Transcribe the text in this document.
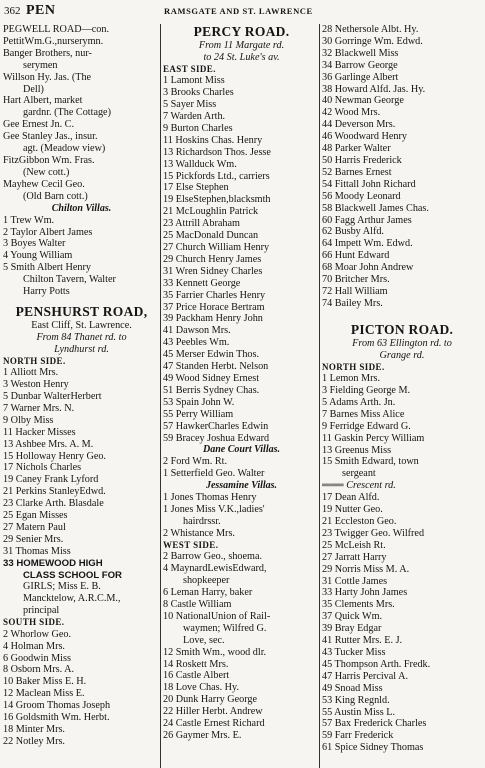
362 PEN	RAMSGATE AND ST. LAWRENCE
PEGWELL ROAD—con.
PettitWm.G.,nurserymn.
Banger Brothers, nur-
serymen
Willson Hy. Jas. (The
Dell)
Hart Albert, market
gardnr. (The Cottage)
Gee Ernest Jn. C.
Gee Stanley Jas., insur.
agt. (Meadow view)
FitzGibbon Wm. Fras.
(New cott.)
Mayhew Cecil Geo.
(Old Barn cott.)
Chilton Villas.
1 Trew Wm.
2 Taylor Albert James
3 Boyes Walter
4 Young William
5 Smith Albert Henry
Chilton Tavern, Walter
Harry Potts
PENSHURST ROAD,
East Cliff, St. Lawrence.
From 84 Thanet rd. to
Lyndhurst rd.
NORTH SIDE.
1 Alliott Mrs.
3 Weston Henry
5 Dunbar WalterHerbert
7 Warner Mrs. N.
9 Olby Miss
11 Hacker Misses
13 Ashbee Mrs. A. M.
15 Holloway Henry Geo.
17 Nichols Charles
19 Caney Frank Lyford
21 Perkins StanleyEdwd.
23 Clarke Arth. Blasdale
25 Egan Misses
27 Matern Paul
29 Senier Mrs.
31 Thomas Miss
33 HOMEWOOD HIGH
CLASS SCHOOL FOR
GIRLS; Miss E. B.
Mancktelow, A.R.C.M.,
principal
SOUTH SIDE.
2 Whorlow Geo.
4 Holman Mrs.
6 Goodwin Miss
8 Osborn Mrs. A.
10 Baker Miss E. H.
12 Maclean Miss E.
14 Groom Thomas Joseph
16 Goldsmith Wm. Herbt.
18 Minter Mrs.
22 Notley Mrs.
PERCY ROAD.
From 11 Margate rd.
to 24 St. Luke's av.
EAST SIDE.
1 Lamont Miss
3 Brooks Charles
5 Sayer Miss
7 Warden Arth.
9 Burton Charles
11 Hoskins Chas. Henry
13 Richardson Thos. Jesse
13 Wallduck Wm.
15 Pickfords Ltd., carriers
17 Else Stephen
19 ElseStephen,blacksmth
21 McLoughlin Patrick
23 Attrill Abraham
25 MacDonald Duncan
27 Church William Henry
29 Church Henry James
31 Wren Sidney Charles
33 Kennett George
35 Farrier Charles Henry
37 Price Horace Bertram
39 Packham Henry John
41 Dawson Mrs.
43 Peebles Wm.
45 Merser Edwin Thos.
47 Standen Herbt. Nelson
49 Wood Sidney Ernest
51 Berris Sydney Chas.
53 Spain John W.
55 Perry William
57 HawkerCharles Edwin
59 Bracey Joshua Edward
Dane Court Villas.
2 Ford Wm. Rt.
1 Setterfield Geo. Walter
Jessamine Villas.
1 Jones Thomas Henry
1 Jones Miss V.K.,ladies'
hairdrssr.
2 Whistance Mrs.
WEST SIDE.
2 Barrow Geo., shoema.
4 MaynardLewisEdward,
shopkeeper
6 Leman Harry, baker
8 Castle William
10 NationalUnion of Rail-
waymen; Wilfred G.
Love, sec.
12 Smith Wm., wood dlr.
14 Roskett Mrs.
16 Castle Albert
18 Love Chas. Hy.
20 Dunk Harry George
22 Hiller Herbt. Andrew
24 Castle Ernest Richard
26 Gaymer Mrs. E.
28 Nethersole Albt. Hy.
30 Gorringe Wm. Edwd.
32 Blackwell Miss
34 Barrow George
36 Garlinge Albert
38 Howard Alfd. Jas. Hy.
40 Newman George
42 Wood Mrs.
44 Deverson Mrs.
46 Woodward Henry
48 Parker Walter
50 Harris Frederick
52 Barnes Ernest
54 Fittall John Richard
56 Moody Leonard
58 Blackwell James Chas.
60 Fagg Arthur James
62 Busby Alfd.
64 Impett Wm. Edwd.
66 Hunt Edward
68 Moar John Andrew
70 Britcher Mrs.
72 Hall William
74 Bailey Mrs.
PICTON ROAD.
From 63 Ellington rd. to
Grange rd.
NORTH SIDE.
1 Lemon Mrs.
3 Fielding George M.
5 Adams Arth. Jn.
7 Barnes Miss Alice
9 Ferridge Edward G.
11 Gaskin Percy William
13 Greenus Miss
15 Smith Edward, town
sergeant
═══ Crescent rd.
17 Dean Alfd.
19 Nutter Geo.
21 Eccleston Geo.
23 Twigger Geo. Wilfred
25 McLeish Rt.
27 Jarratt Harry
29 Norris Miss M. A.
31 Cottle James
33 Harty John James
35 Clements Mrs.
37 Quick Wm.
39 Bray Edgar
41 Rutter Mrs. E. J.
43 Tucker Miss
45 Thompson Arth. Fredk.
47 Harris Percival A.
49 Snoad Miss
53 King Regnld.
55 Austin Miss L.
57 Bax Frederick Charles
59 Farr Frederick
61 Spice Sidney Thomas
